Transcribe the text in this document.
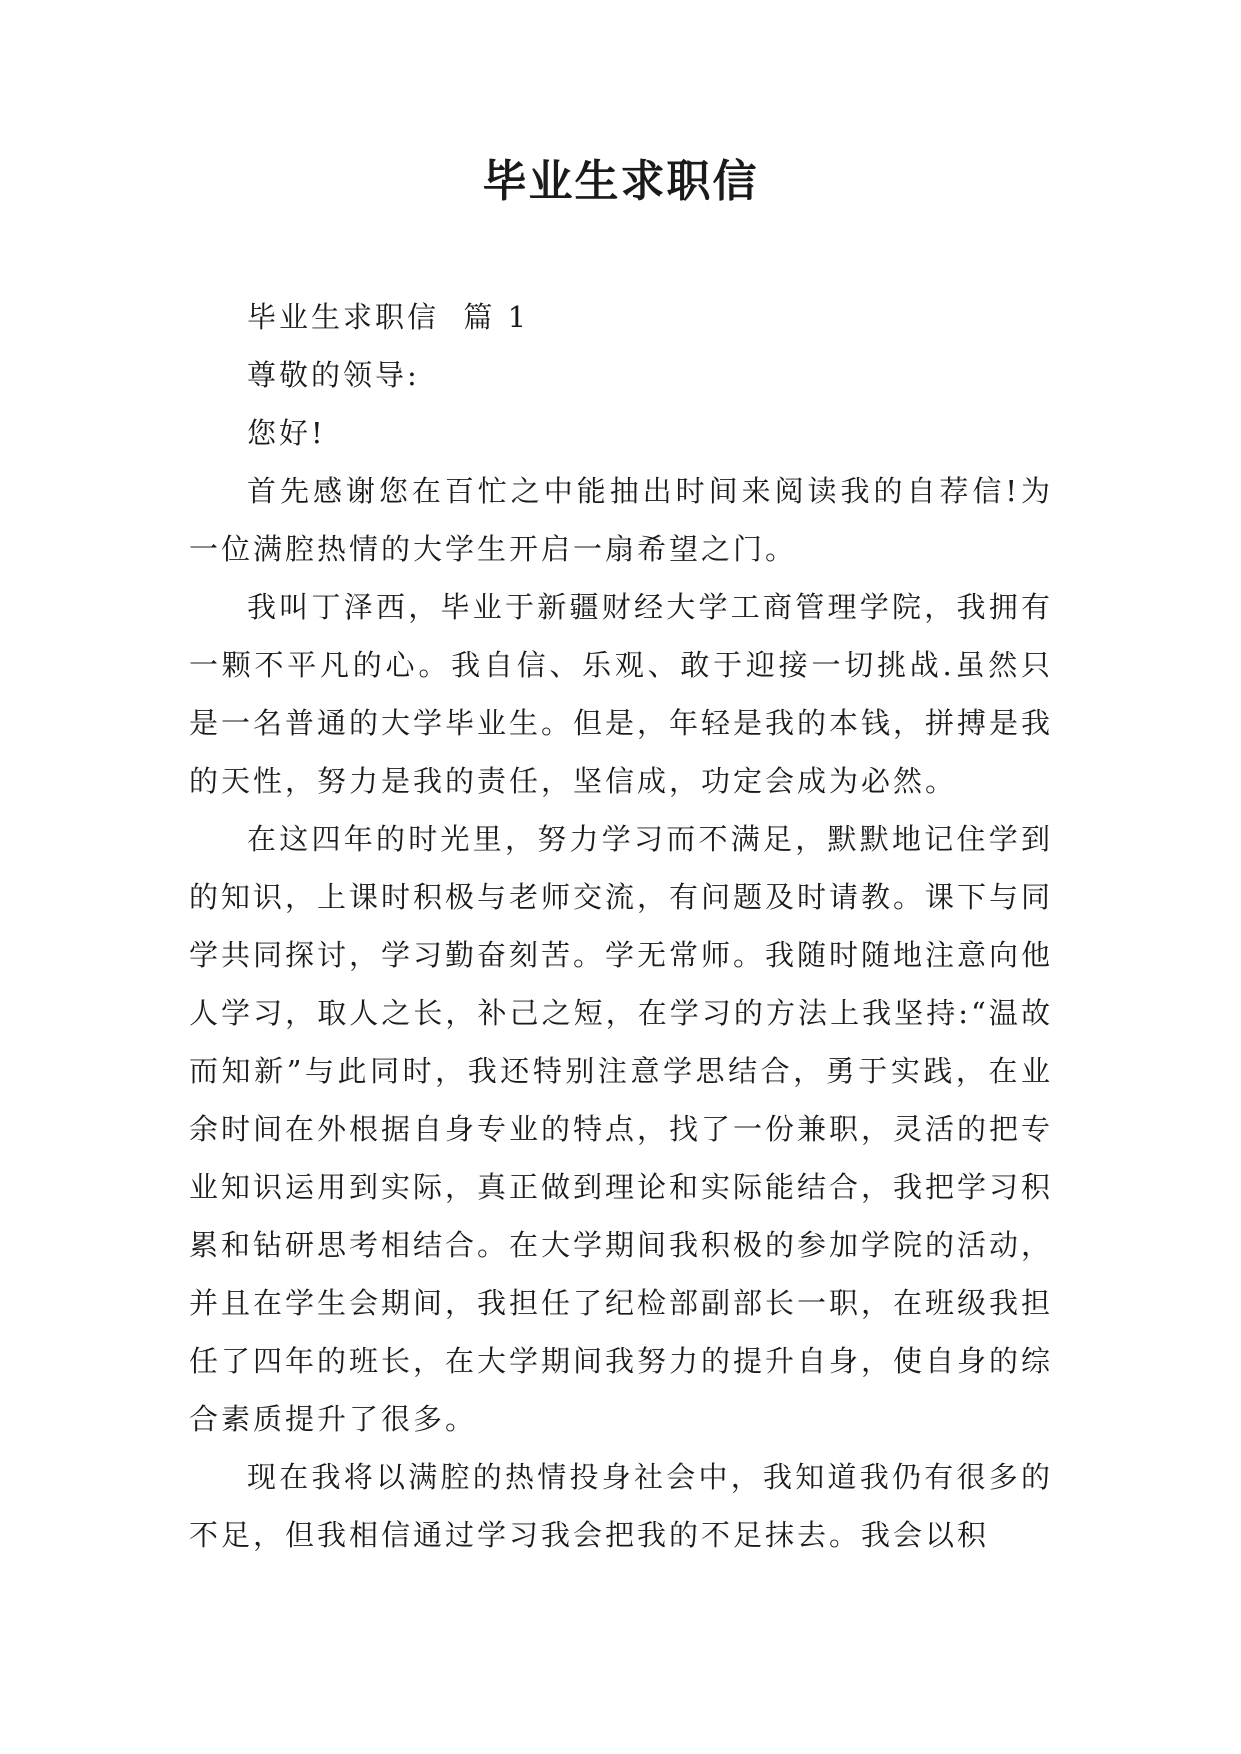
毕业生求职信

毕业生求职信  篇 1

尊敬的领导:

您好!

首先感谢您在百忙之中能抽出时间来阅读我的自荐信!为一位满腔热情的大学生开启一扇希望之门。

我叫丁泽西，毕业于新疆财经大学工商管理学院，我拥有一颗不平凡的心。我自信、乐观、敢于迎接一切挑战.虽然只是一名普通的大学毕业生。但是，年轻是我的本钱，拼搏是我的天性，努力是我的责任，坚信成，功定会成为必然。

在这四年的时光里，努力学习而不满足，默默地记住学到的知识，上课时积极与老师交流，有问题及时请教。课下与同学共同探讨，学习勤奋刻苦。学无常师。我随时随地注意向他人学习，取人之长，补己之短，在学习的方法上我坚持:“温故而知新”与此同时，我还特别注意学思结合，勇于实践，在业余时间在外根据自身专业的特点，找了一份兼职，灵活的把专业知识运用到实际，真正做到理论和实际能结合，我把学习积累和钻研思考相结合。在大学期间我积极的参加学院的活动，并且在学生会期间，我担任了纪检部副部长一职，在班级我担任了四年的班长，在大学期间我努力的提升自身，使自身的综合素质提升了很多。

现在我将以满腔的热情投身社会中，我知道我仍有很多的不足，但我相信通过学习我会把我的不足抹去。我会以积
